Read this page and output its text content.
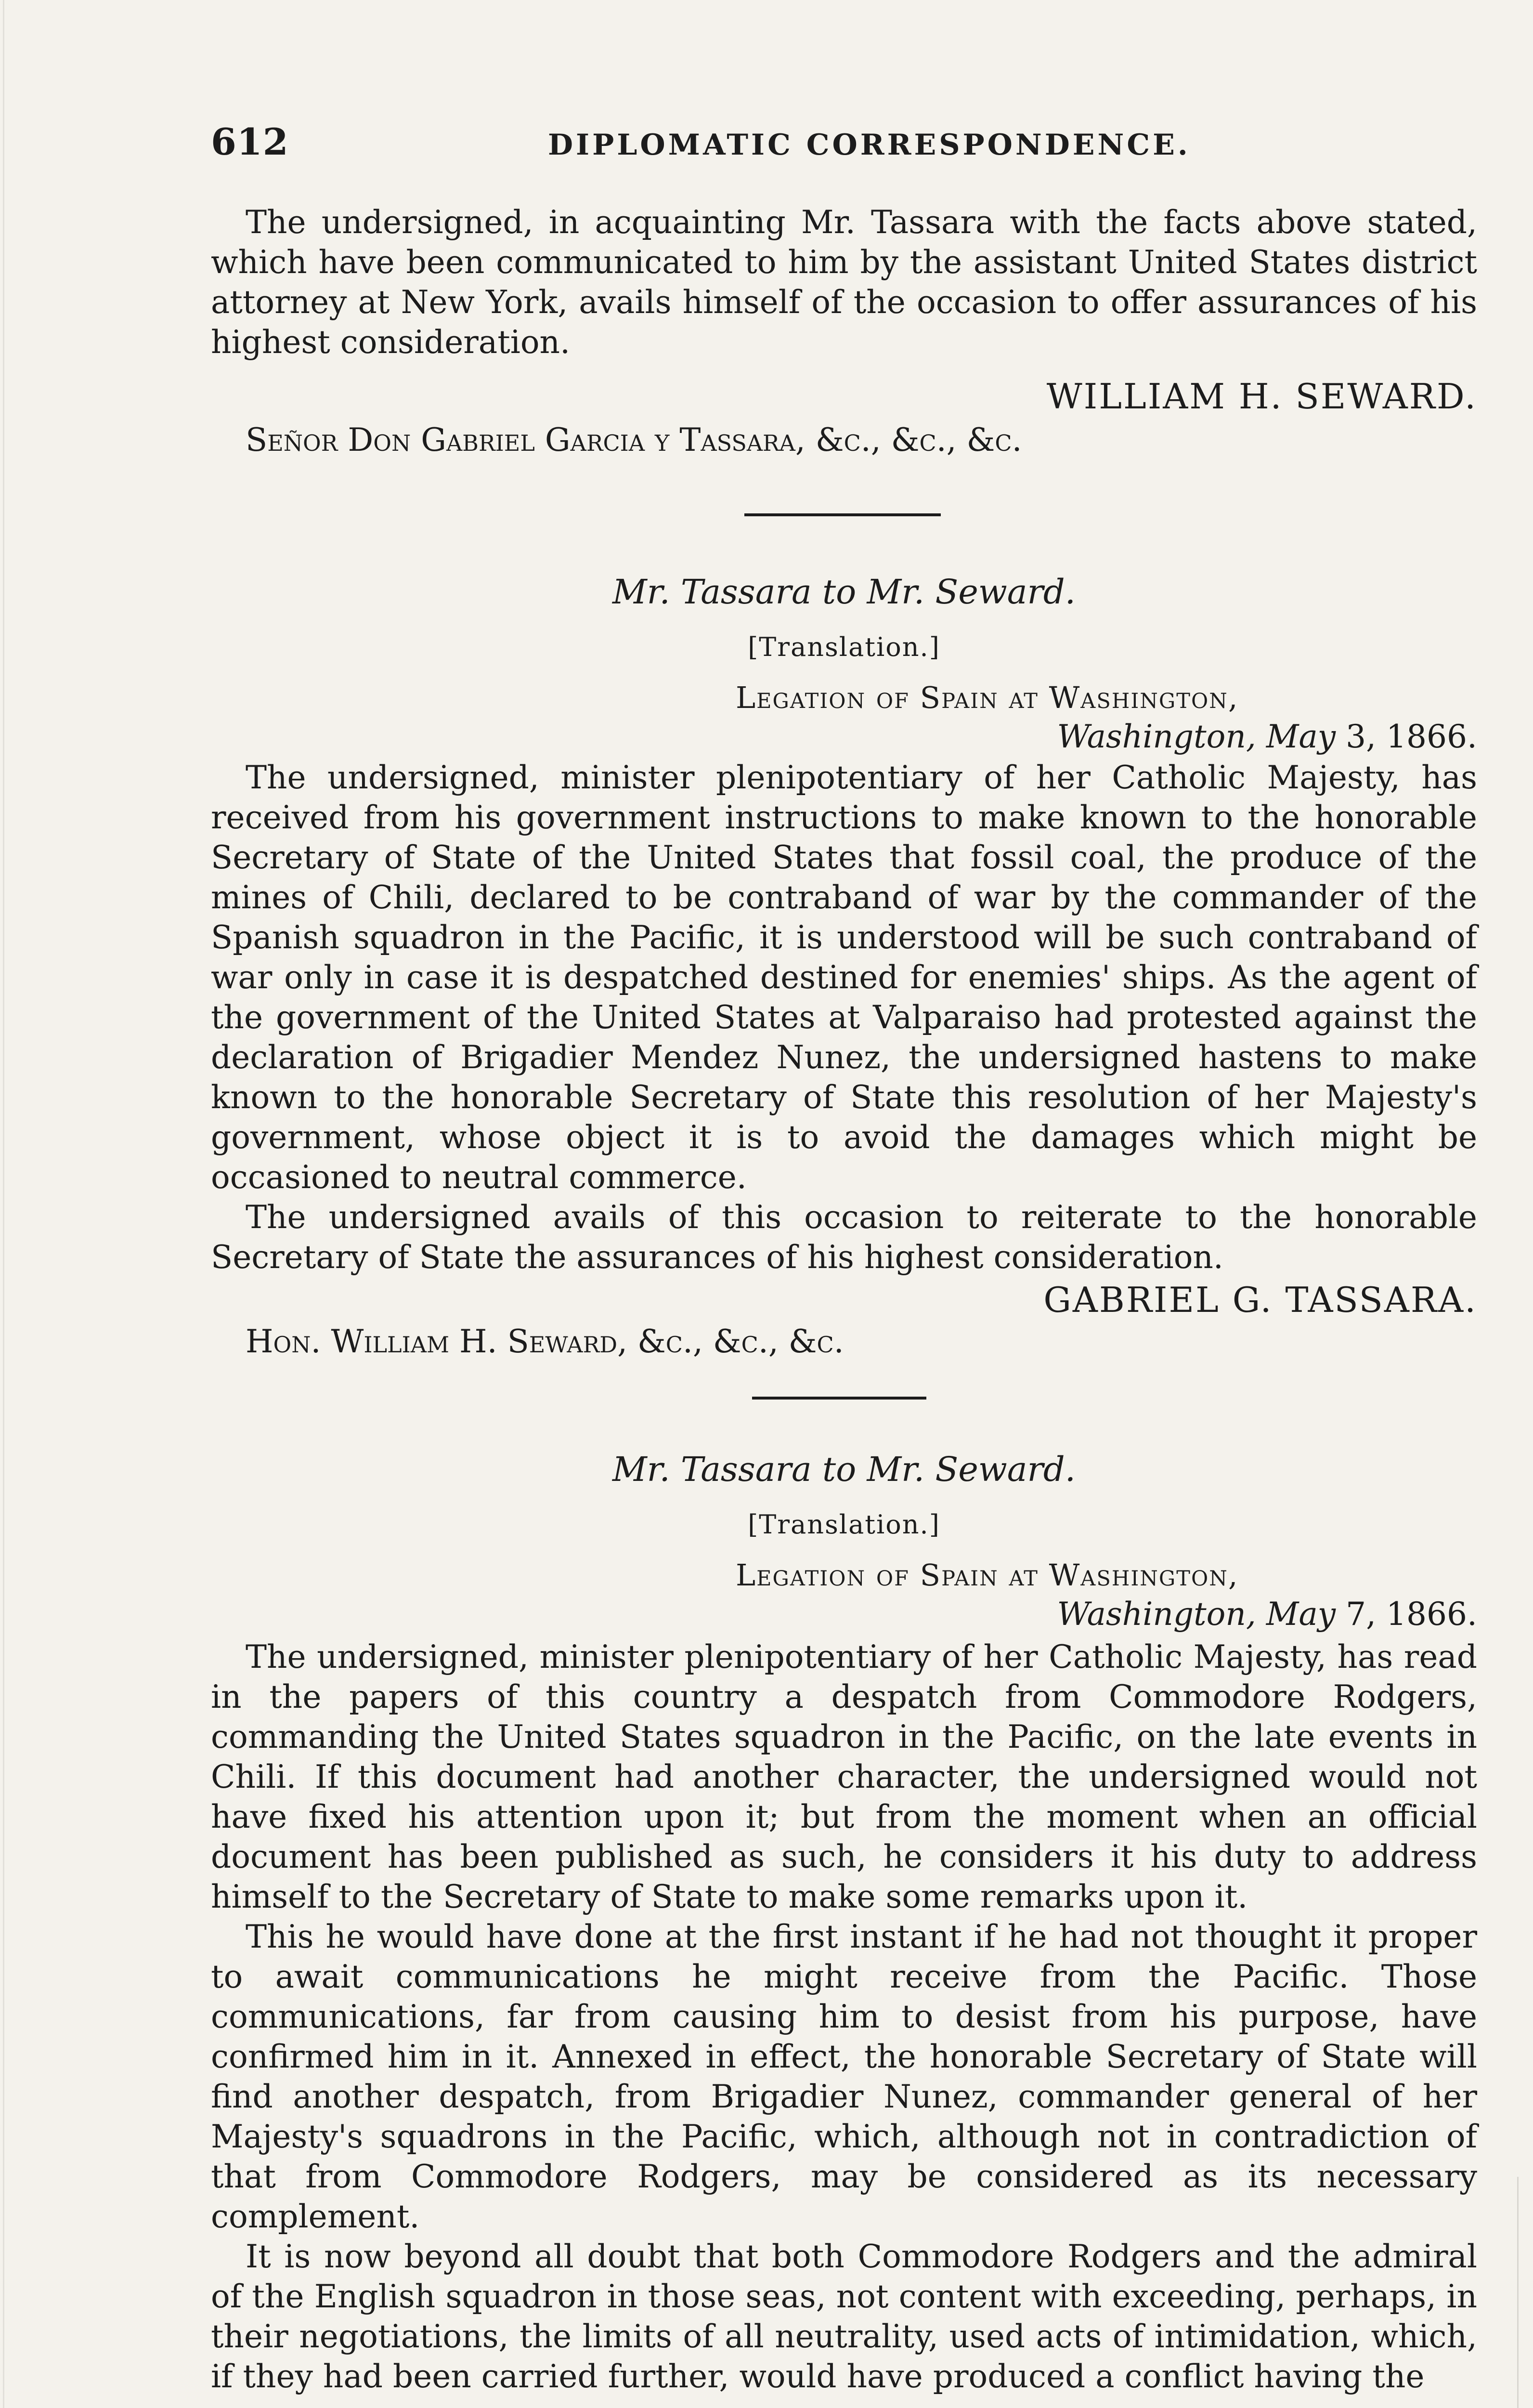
612	DIPLOMATIC CORRESPONDENCE.

The undersigned, in acquainting Mr. Tassara with the facts above stated, which have been communicated to him by the assistant United States district attorney at New York, avails himself of the occasion to offer assurances of his highest consideration.

WILLIAM H. SEWARD.

Señor Don Gabriel Garcia y Tassara, &c., &c., &c.

Mr. Tassara to Mr. Seward.

[Translation.]

Legation of Spain at Washington,

Washington, May 3, 1866.

The undersigned, minister plenipotentiary of her Catholic Majesty, has received from his government instructions to make known to the honorable Secretary of State of the United States that fossil coal, the produce of the mines of Chili, declared to be contraband of war by the commander of the Spanish squadron in the Pacific, it is understood will be such contraband of war only in case it is despatched destined for enemies' ships. As the agent of the government of the United States at Valparaiso had protested against the declaration of Brigadier Mendez Nunez, the undersigned hastens to make known to the honorable Secretary of State this resolution of her Majesty's government, whose object it is to avoid the damages which might be occasioned to neutral commerce.

The undersigned avails of this occasion to reiterate to the honorable Secretary of State the assurances of his highest consideration.

GABRIEL G. TASSARA.

Hon. William H. Seward, &c., &c., &c.

Mr. Tassara to Mr. Seward.

[Translation.]

Legation of Spain at Washington,

Washington, May 7, 1866.

The undersigned, minister plenipotentiary of her Catholic Majesty, has read in the papers of this country a despatch from Commodore Rodgers, commanding the United States squadron in the Pacific, on the late events in Chili. If this document had another character, the undersigned would not have fixed his attention upon it; but from the moment when an official document has been published as such, he considers it his duty to address himself to the Secretary of State to make some remarks upon it.

This he would have done at the first instant if he had not thought it proper to await communications he might receive from the Pacific. Those communications, far from causing him to desist from his purpose, have confirmed him in it. Annexed in effect, the honorable Secretary of State will find another despatch, from Brigadier Nunez, commander general of her Majesty's squadrons in the Pacific, which, although not in contradiction of that from Commodore Rodgers, may be considered as its necessary complement.

It is now beyond all doubt that both Commodore Rodgers and the admiral of the English squadron in those seas, not content with exceeding, perhaps, in their negotiations, the limits of all neutrality, used acts of intimidation, which, if they had been carried further, would have produced a conflict having the
